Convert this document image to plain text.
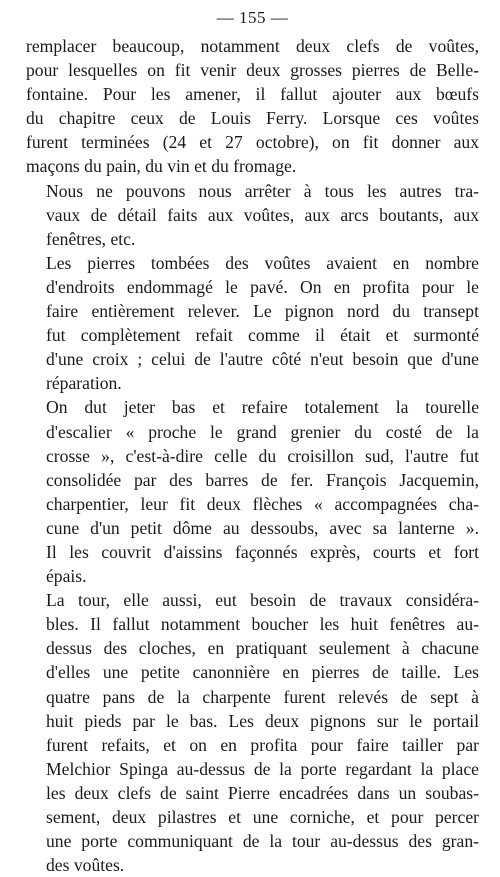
— 155 —
remplacer beaucoup, notamment deux clefs de voûtes,
pour lesquelles on fit venir deux grosses pierres de Belle-
fontaine. Pour les amener, il fallut ajouter aux bœufs
du chapitre ceux de Louis Ferry. Lorsque ces voûtes
furent terminées (24 et 27 octobre), on fit donner aux
maçons du pain, du vin et du fromage.
Nous ne pouvons nous arrêter à tous les autres tra-
vaux de détail faits aux voûtes, aux arcs boutants, aux
fenêtres, etc.
Les pierres tombées des voûtes avaient en nombre
d'endroits endommagé le pavé. On en profita pour le
faire entièrement relever. Le pignon nord du transept
fut complètement refait comme il était et surmonté
d'une croix ; celui de l'autre côté n'eut besoin que d'une
réparation.
On dut jeter bas et refaire totalement la tourelle
d'escalier « proche le grand grenier du costé de la
crosse », c'est-à-dire celle du croisillon sud, l'autre fut
consolidée par des barres de fer. François Jacquemin,
charpentier, leur fit deux flèches « accompagnées cha-
cune d'un petit dôme au dessoubs, avec sa lanterne ».
Il les couvrit d'aissins façonnés exprès, courts et fort
épais.
La tour, elle aussi, eut besoin de travaux considéra-
bles. Il fallut notamment boucher les huit fenêtres au-
dessus des cloches, en pratiquant seulement à chacune
d'elles une petite canonnière en pierres de taille. Les
quatre pans de la charpente furent relevés de sept à
huit pieds par le bas. Les deux pignons sur le portail
furent refaits, et on en profita pour faire tailler par
Melchior Spinga au-dessus de la porte regardant la place
les deux clefs de saint Pierre encadrées dans un soubas-
sement, deux pilastres et une corniche, et pour percer
une porte communiquant de la tour au-dessus des gran-
des voûtes.
